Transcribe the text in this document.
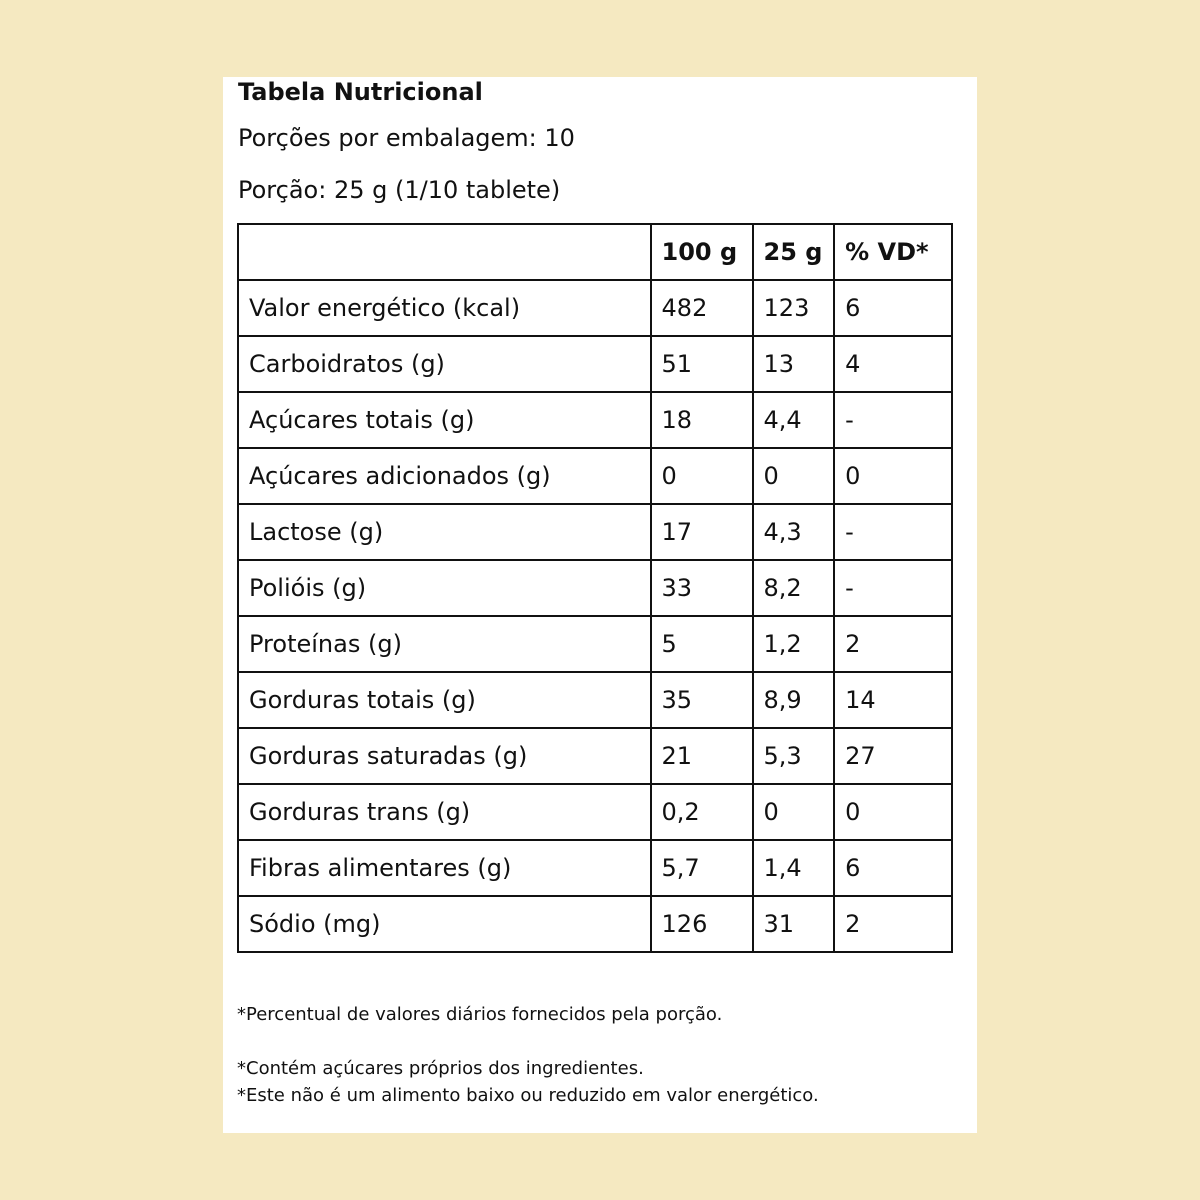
Tabela Nutricional
Porções por embalagem: 10
Porção: 25 g (1/10 tablete)
	100 g	25 g	% VD*
Valor energético (kcal)	482	123	6
Carboidratos (g)	51	13	4
Açúcares totais (g)	18	4,4	-
Açúcares adicionados (g)	0	0	0
Lactose (g)	17	4,3	-
Polióis (g)	33	8,2	-
Proteínas (g)	5	1,2	2
Gorduras totais (g)	35	8,9	14
Gorduras saturadas (g)	21	5,3	27
Gorduras trans (g)	0,2	0	0
Fibras alimentares (g)	5,7	1,4	6
Sódio (mg)	126	31	2
*Percentual de valores diários fornecidos pela porção.
*Contém açúcares próprios dos ingredientes.
*Este não é um alimento baixo ou reduzido em valor energético.
